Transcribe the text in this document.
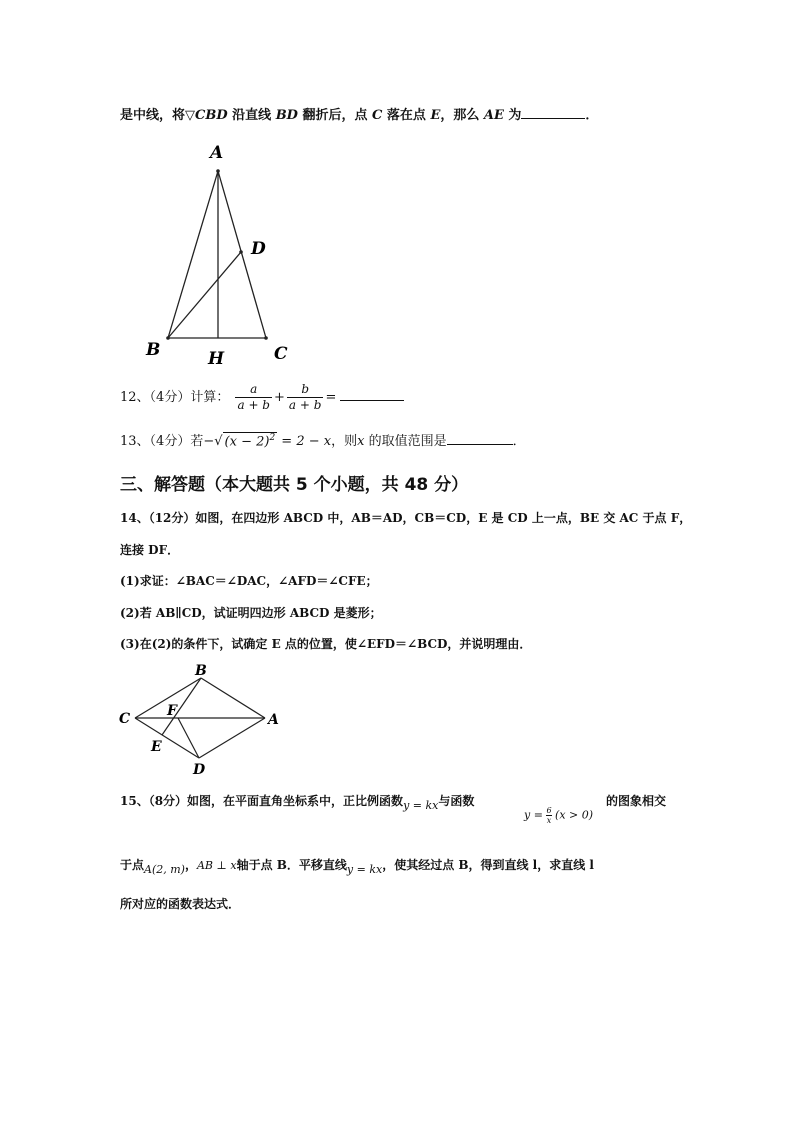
是中线，将▽CBD 沿直线 BD 翻折后，点 C 落在点 E，那么 AE 为	．
A
D
B	H	C
12、（4分）计算： $\frac{a}{a + b} + \frac{b}{a + b}$ =
13、（4分）若−√ $(x - 2)^2 = 2 - x$，则x 的取值范围是	．
三、解答题（本大题共 5 个小题，共 48 分）
14、（12分）如图，在四边形 ABCD 中，AB＝AD，CB＝CD，E 是 CD 上一点，BE 交 AC 于点 F，
连接 DF．
(1)求证：∠BAC＝∠DAC，∠AFD＝∠CFE；
(2)若 AB∥CD，试证明四边形 ABCD 是菱形；
(3)在(2)的条件下，试确定 E 点的位置，使∠EFD＝∠BCD，并说明理由．
B
C	A
F
E
D
15、（8分）如图，在平面直角坐标系中，正比例函数y = kx与函数
$y = \frac{6}{x} (x > 0)$
的图象相交
于点A(2, m)，AB ⊥ x轴于点 B．平移直线y = kx，使其经过点 B，得到直线 l，求直线 l
所对应的函数表达式．
